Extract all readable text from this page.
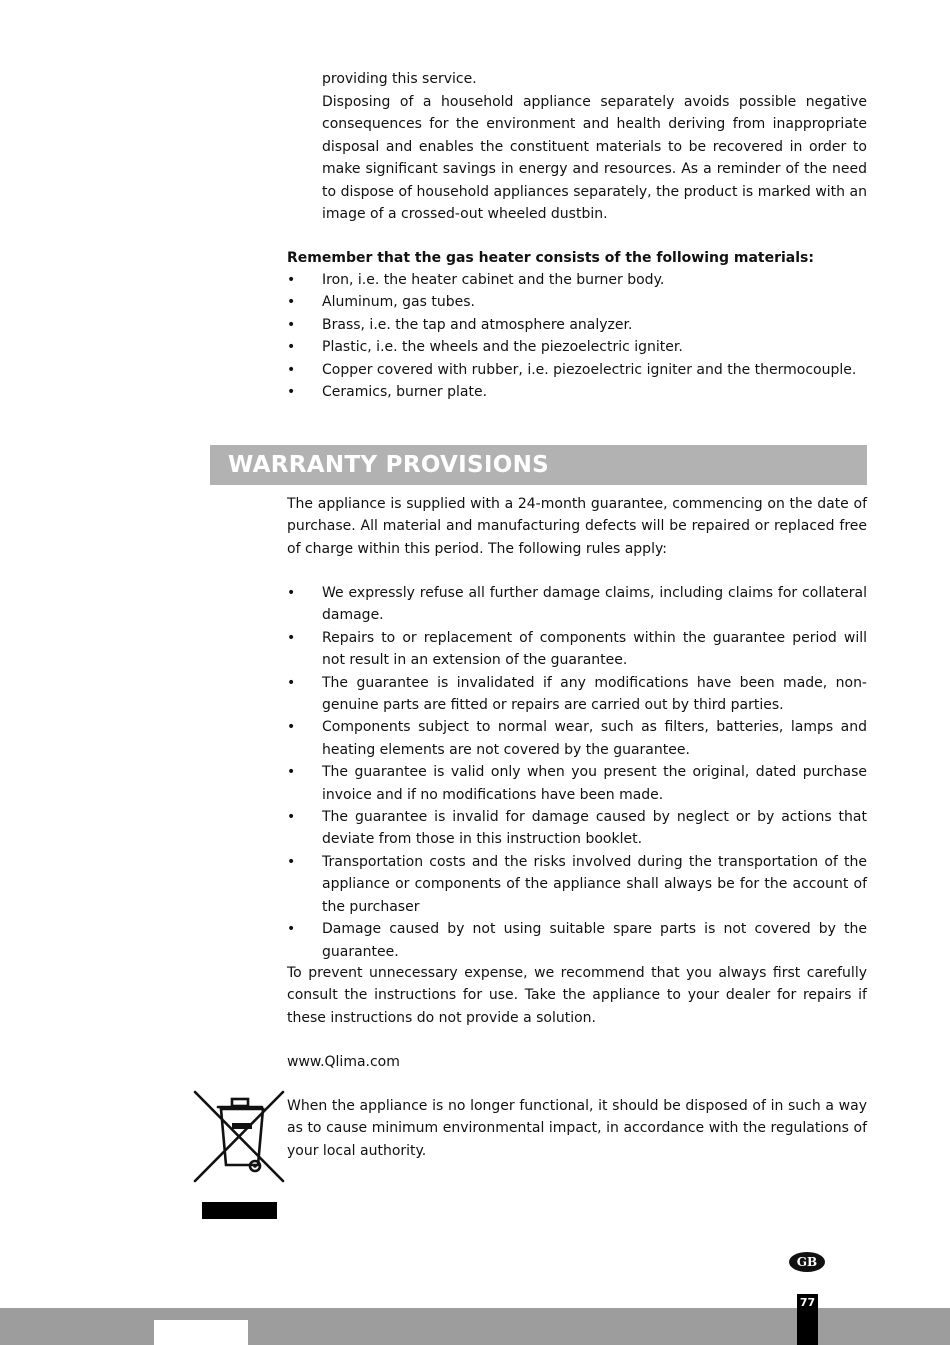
providing this service.
Disposing of a household appliance separately avoids possible negative consequences for the environment and health deriving from inappropriate disposal and enables the constituent materials to be recovered in order to make significant savings in energy and resources. As a reminder of the need to dispose of household appliances separately, the product is marked with an image of a crossed-out wheeled dustbin.
Remember that the gas heater consists of the following materials:
•	Iron, i.e. the heater cabinet and the burner body.
•	Aluminum, gas tubes.
•	Brass, i.e. the tap and atmosphere analyzer.
•	Plastic, i.e. the wheels and the piezoelectric igniter.
•	Copper covered with rubber, i.e. piezoelectric igniter and the thermocouple.
•	Ceramics, burner plate.
WARRANTY PROVISIONS
The appliance is supplied with a 24-month guarantee, commencing on the date of purchase. All material and manufacturing defects will be repaired or replaced free of charge within this period. The following rules apply:
•	We expressly refuse all further damage claims, including claims for collateral damage.
•	Repairs to or replacement of components within the guarantee period will not result in an extension of the guarantee.
•	The guarantee is invalidated if any modifications have been made, non-genuine parts are fitted or repairs are carried out by third parties.
•	Components subject to normal wear, such as filters, batteries, lamps and heating elements are not covered by the guarantee.
•	The guarantee is valid only when you present the original, dated purchase invoice and if no modifications have been made.
•	The guarantee is invalid for damage caused by neglect or by actions that deviate from those in this instruction booklet.
•	Transportation costs and the risks involved during the transportation of the appliance or components of the appliance shall always be for the account of the purchaser
•	Damage caused by not using suitable spare parts is not covered by the guarantee.
To prevent unnecessary expense, we recommend that you always first carefully consult the instructions for use. Take the appliance to your dealer for repairs if these instructions do not provide a solution.
www.Qlima.com
When the appliance is no longer functional, it should be disposed of in such a way as to cause minimum environmental impact, in accordance with the regulations of your local authority.
GB
77
